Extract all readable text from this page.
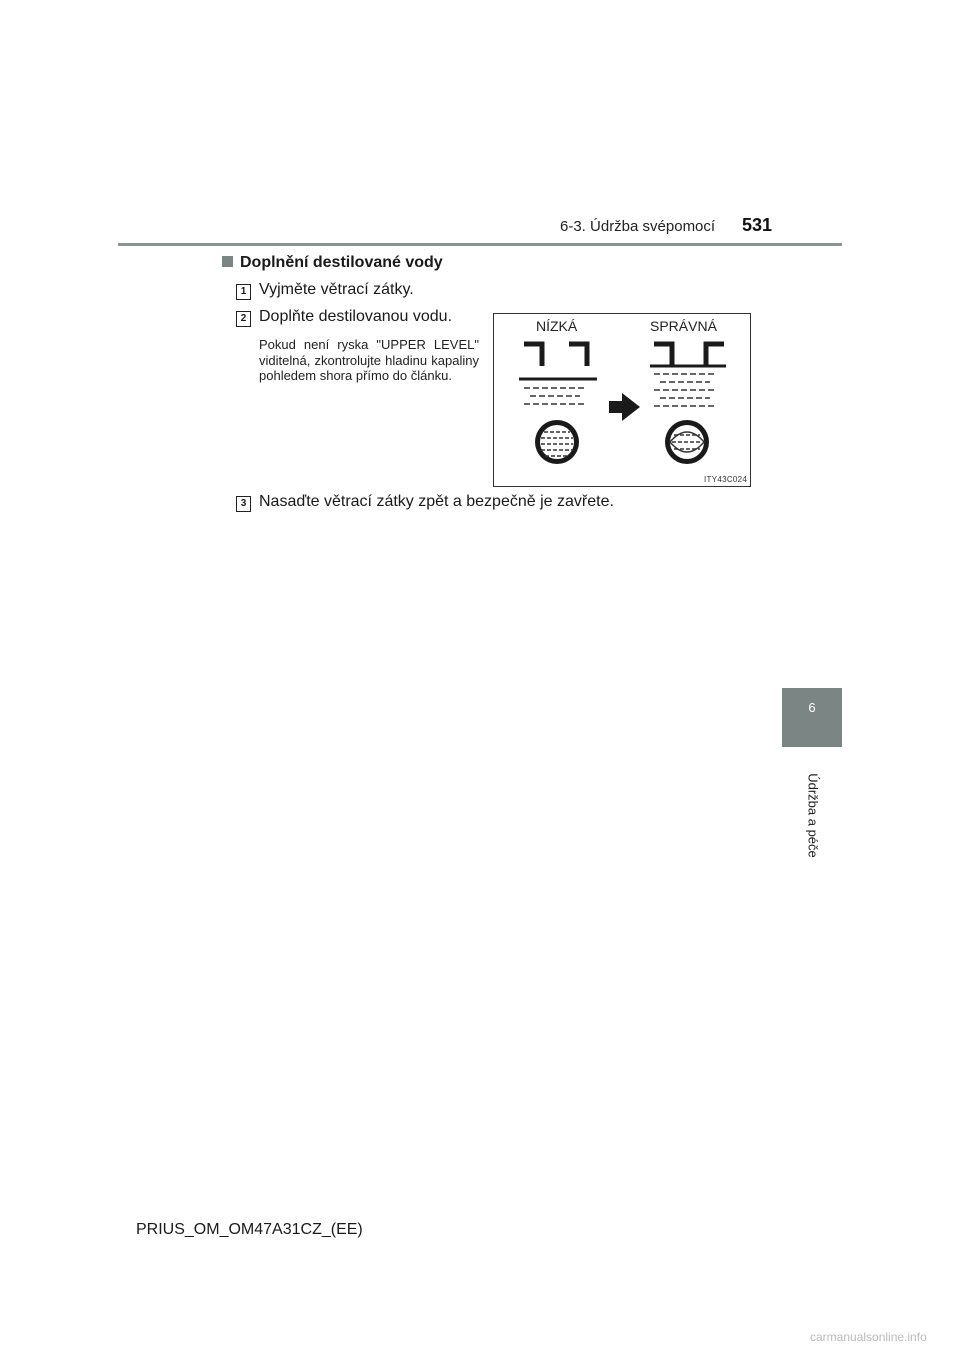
6-3. Údržba svépomocí 531
Doplnění destilované vody
1 Vyjměte větrací zátky.
2 Doplňte destilovanou vodu.
Pokud není ryska "UPPER LEVEL" viditelná, zkontrolujte hladinu kapaliny pohledem shora přímo do článku.
NÍZKÁ	SPRÁVNÁ
ITY43C024
3 Nasaďte větrací zátky zpět a bezpečně je zavřete.
6
Údržba a péče
PRIUS_OM_OM47A31CZ_(EE)
carmanualsonline.info
